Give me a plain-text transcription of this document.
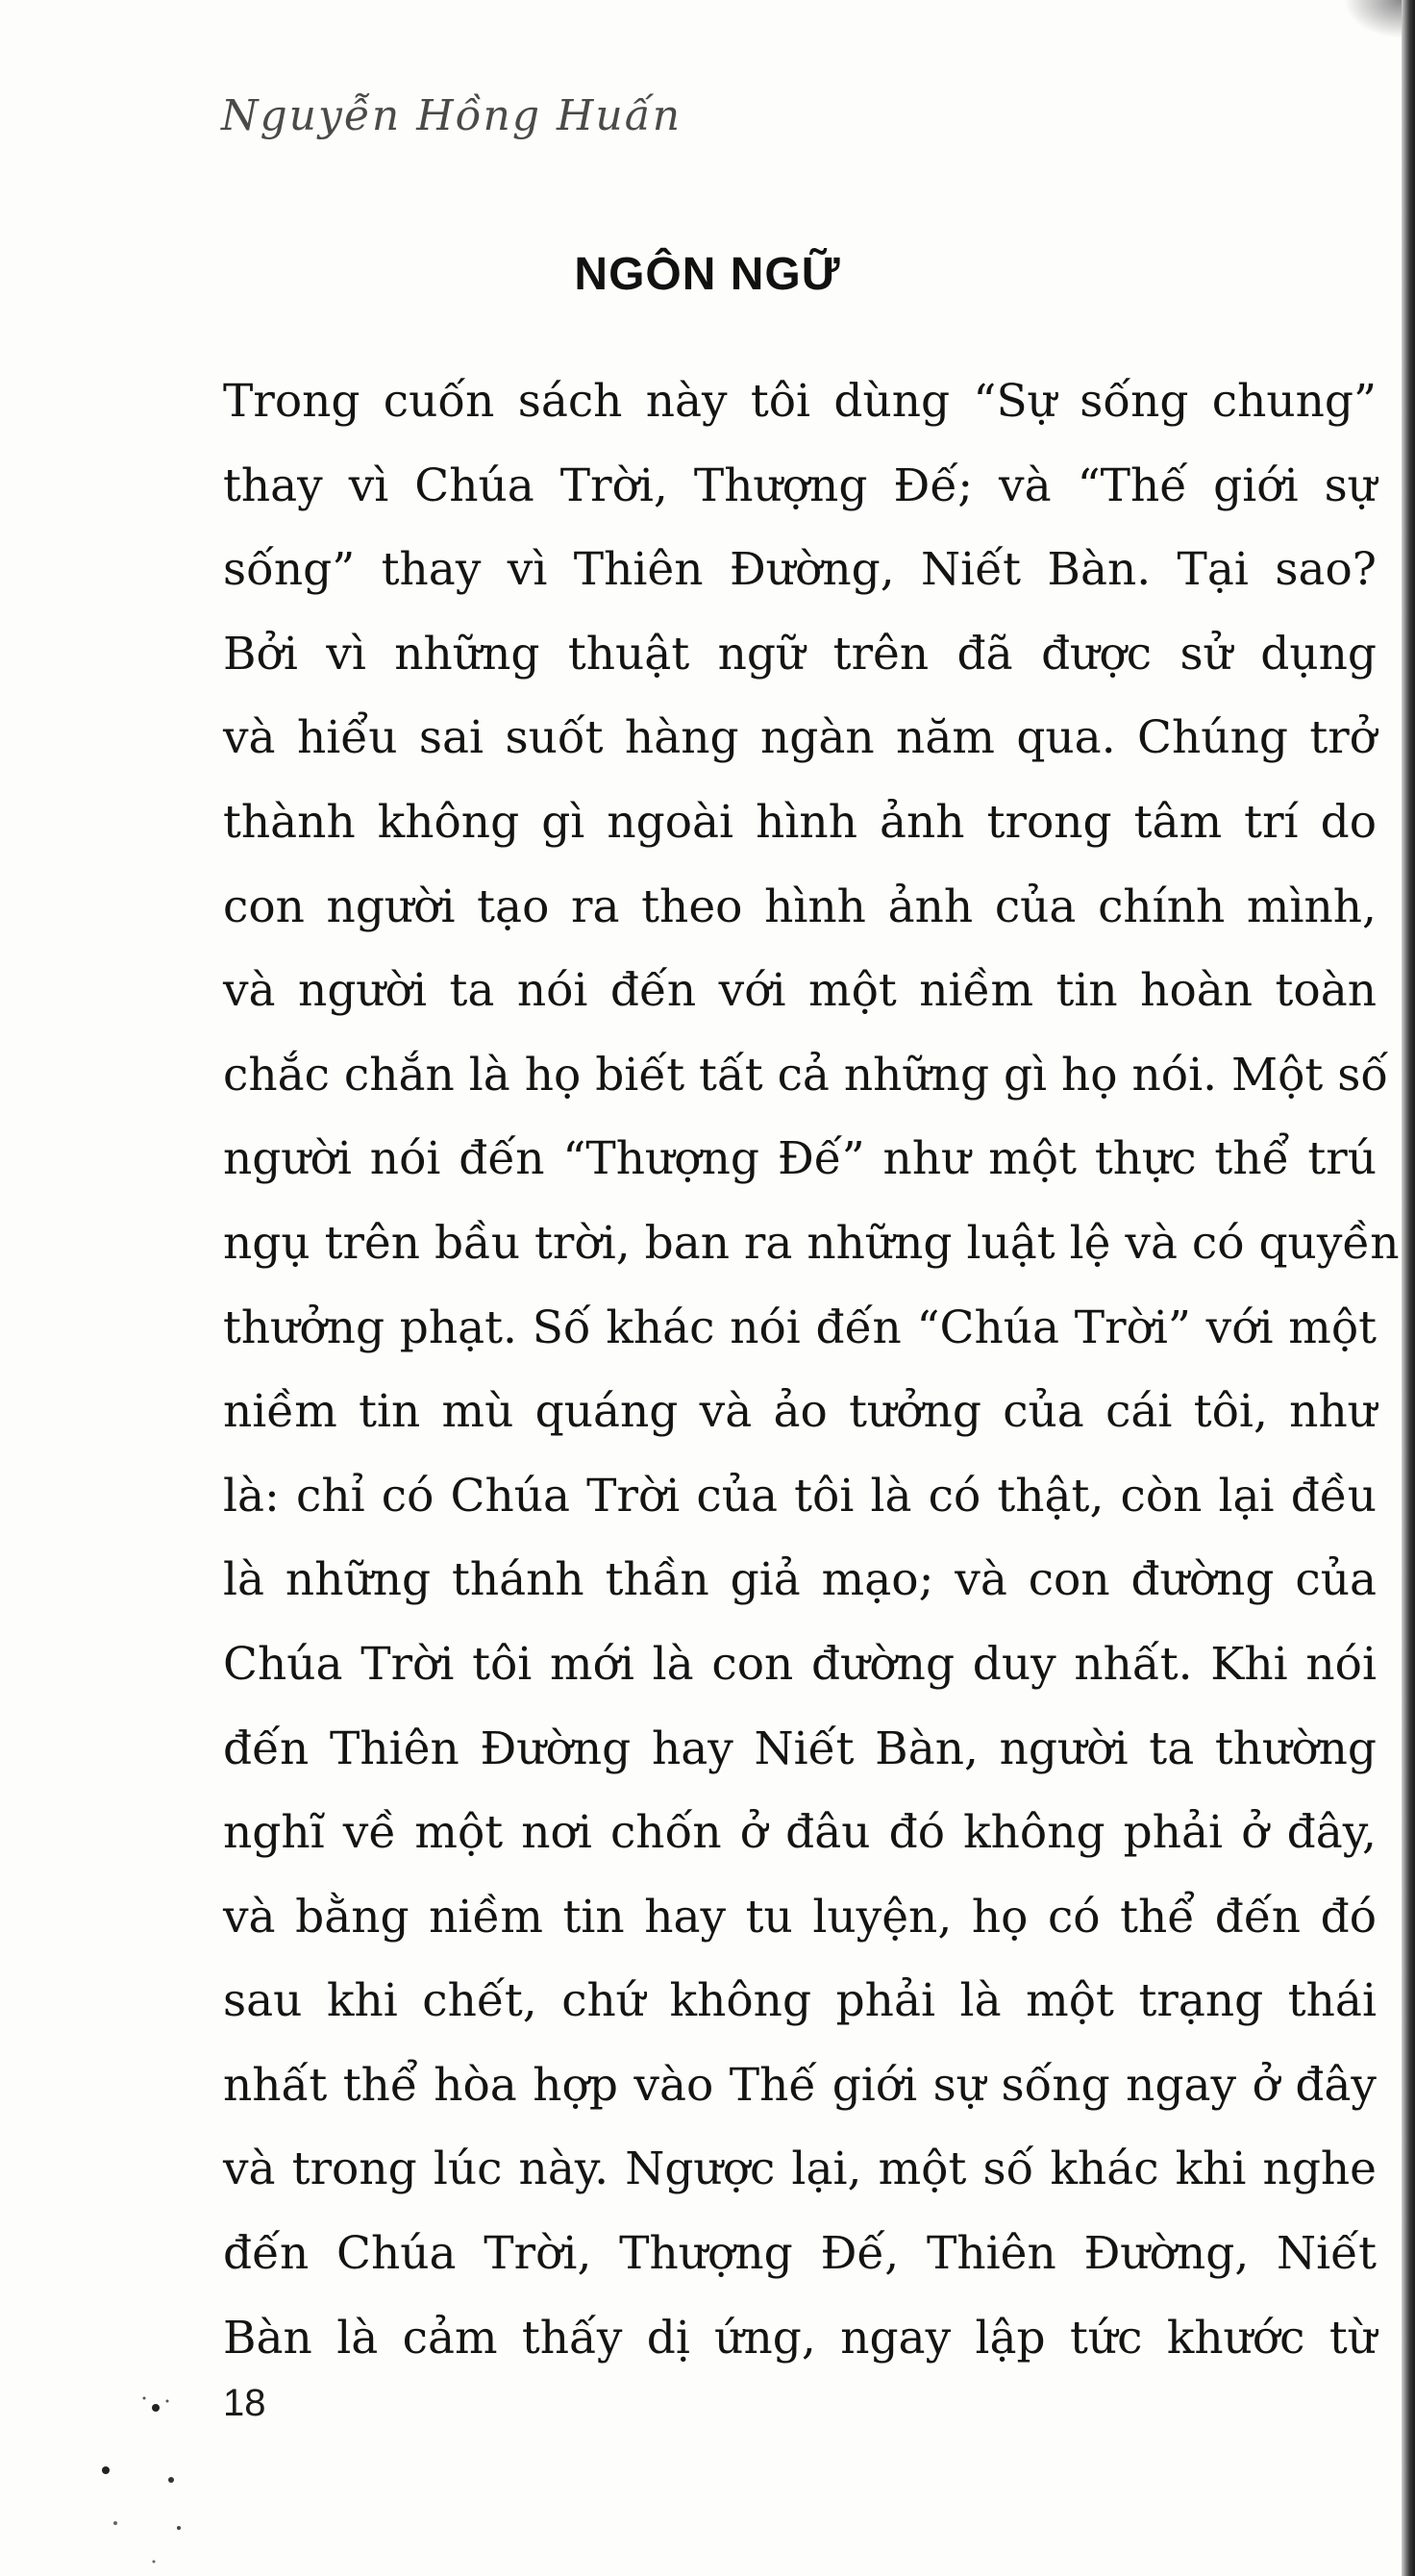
Nguyễn Hồng Huấn
NGÔN NGỮ
Trong cuốn sách này tôi dùng “Sự sống chung”
thay vì Chúa Trời, Thượng Đế; và “Thế giới sự
sống” thay vì Thiên Đường, Niết Bàn. Tại sao?
Bởi vì những thuật ngữ trên đã được sử dụng
và hiểu sai suốt hàng ngàn năm qua. Chúng trở
thành không gì ngoài hình ảnh trong tâm trí do
con người tạo ra theo hình ảnh của chính mình,
và người ta nói đến với một niềm tin hoàn toàn
chắc chắn là họ biết tất cả những gì họ nói. Một số
người nói đến “Thượng Đế” như một thực thể trú
ngụ trên bầu trời, ban ra những luật lệ và có quyền
thưởng phạt. Số khác nói đến “Chúa Trời” với một
niềm tin mù quáng và ảo tưởng của cái tôi, như
là: chỉ có Chúa Trời của tôi là có thật, còn lại đều
là những thánh thần giả mạo; và con đường của
Chúa Trời tôi mới là con đường duy nhất. Khi nói
đến Thiên Đường hay Niết Bàn, người ta thường
nghĩ về một nơi chốn ở đâu đó không phải ở đây,
và bằng niềm tin hay tu luyện, họ có thể đến đó
sau khi chết, chứ không phải là một trạng thái
nhất thể hòa hợp vào Thế giới sự sống ngay ở đây
và trong lúc này. Ngược lại, một số khác khi nghe
đến Chúa Trời, Thượng Đế, Thiên Đường, Niết
Bàn là cảm thấy dị ứng, ngay lập tức khước từ
18
